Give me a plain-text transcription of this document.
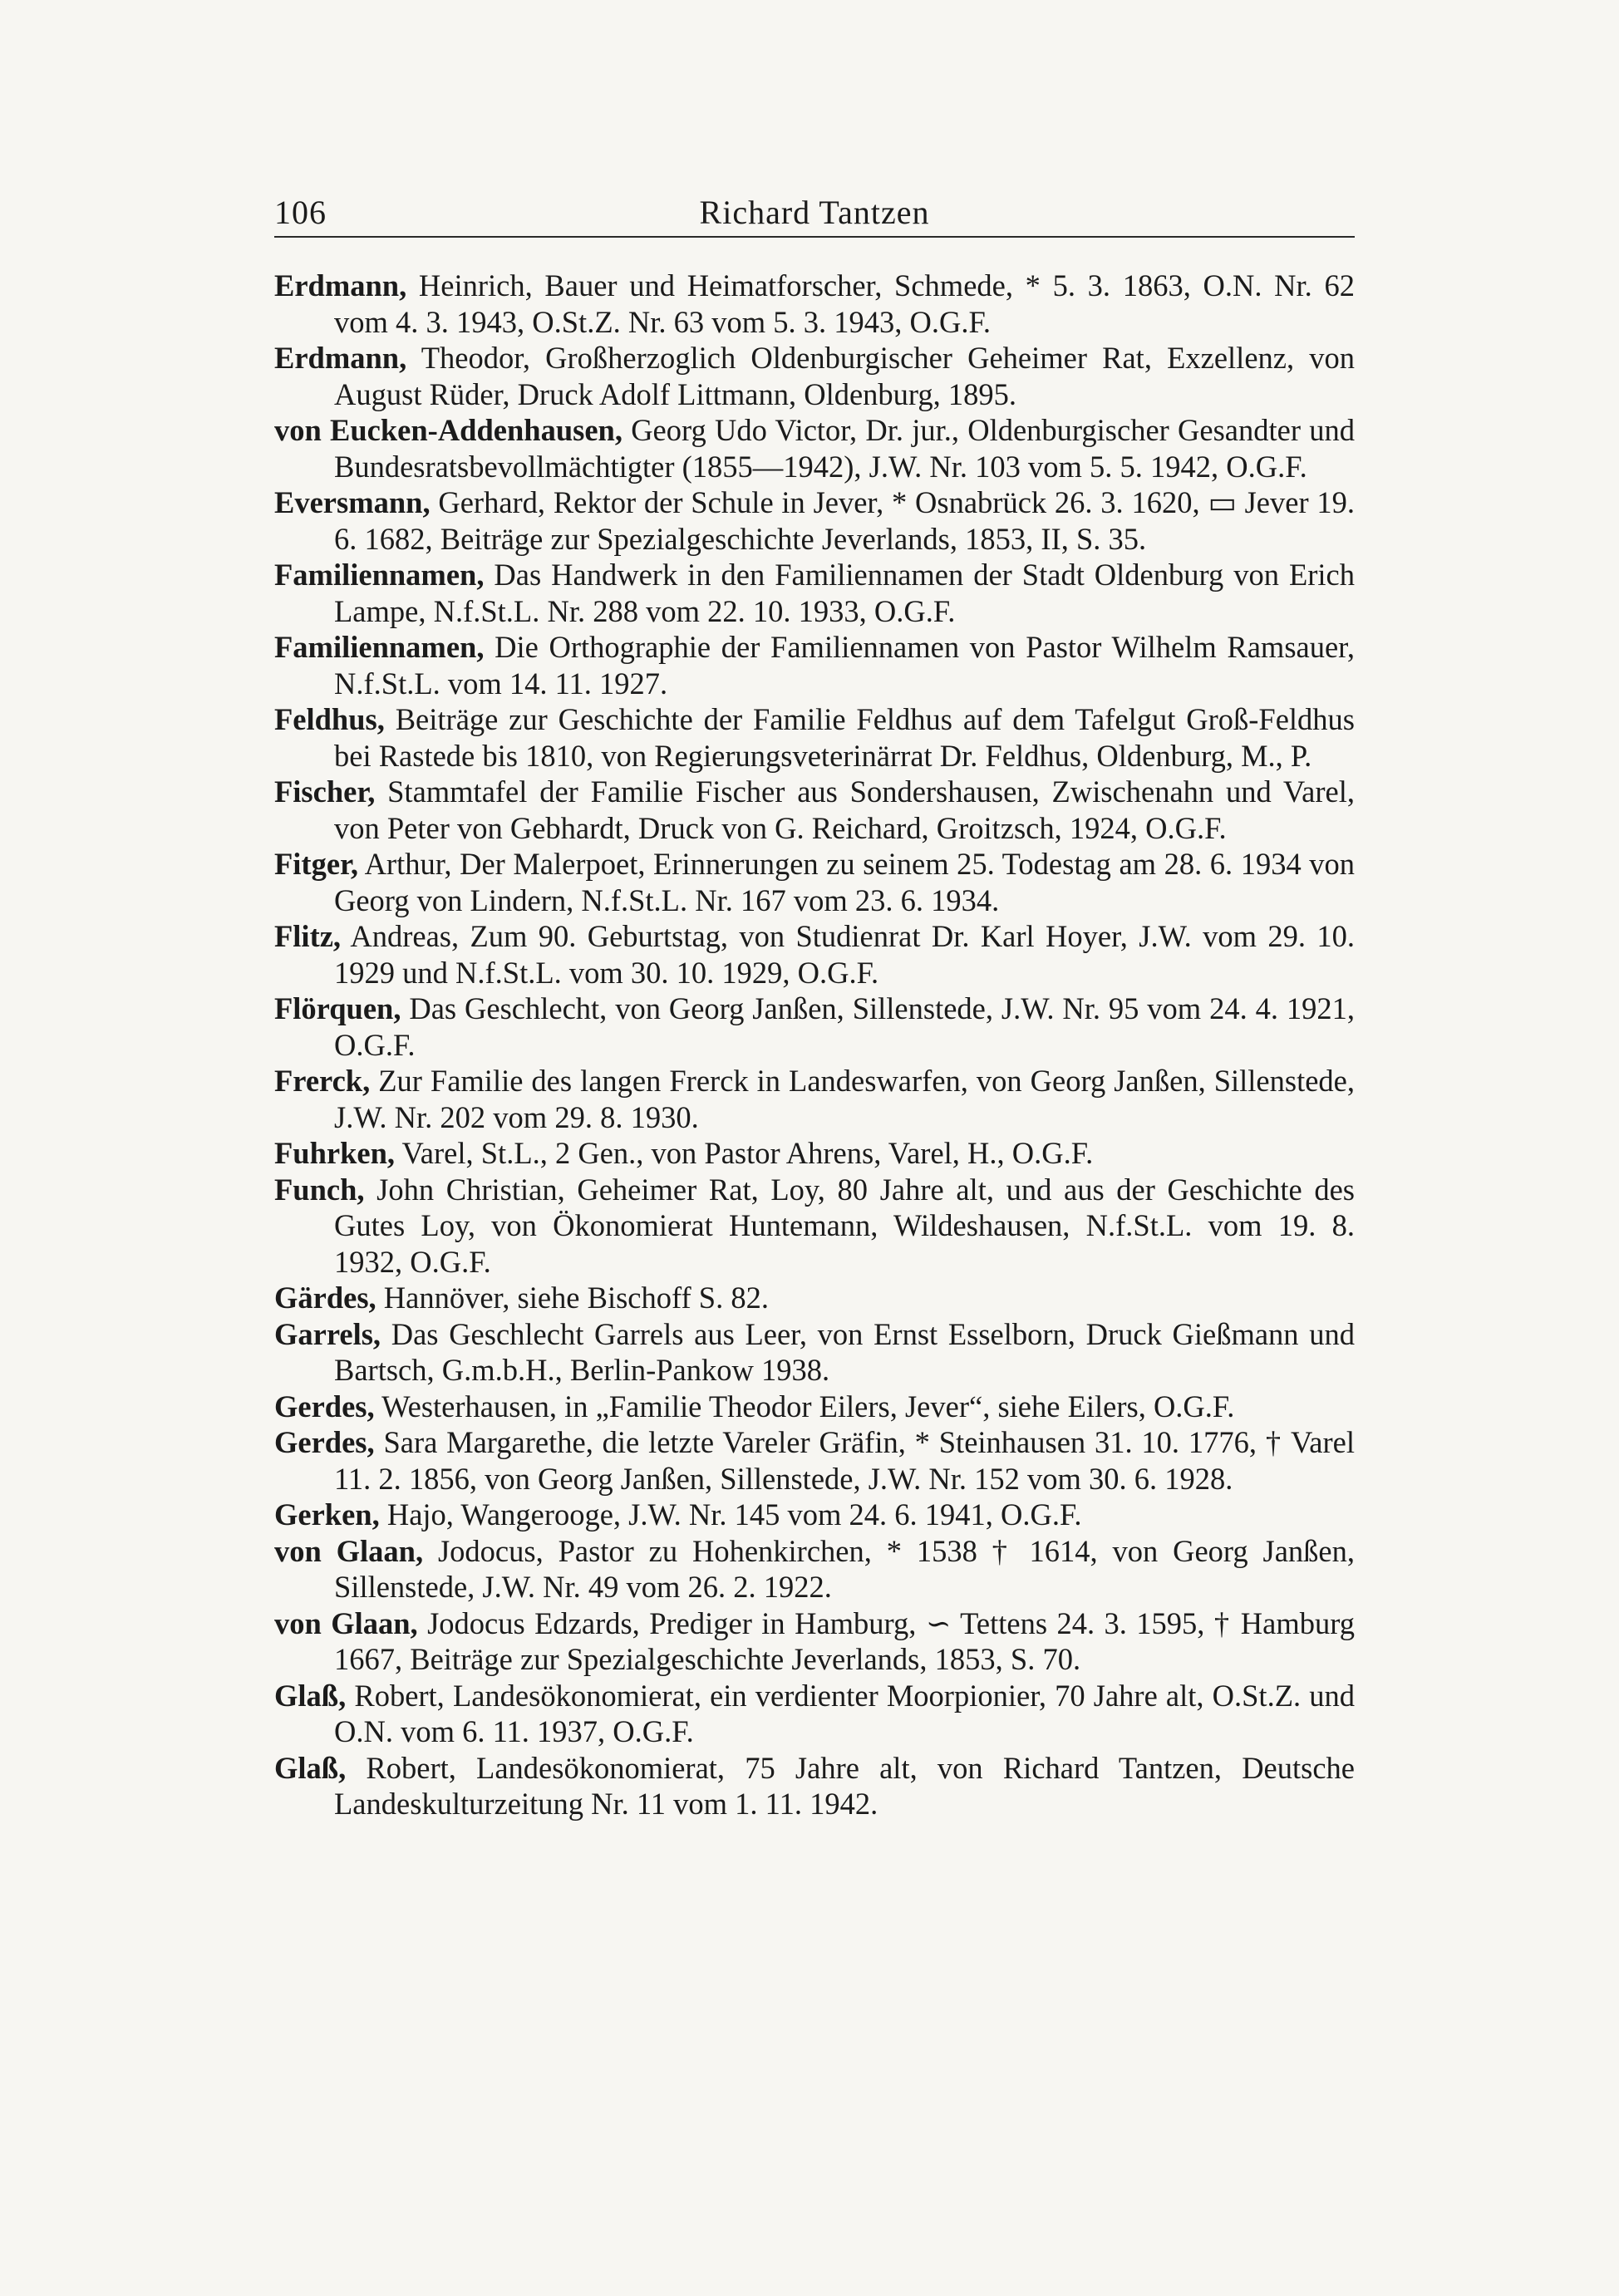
106	Richard Tantzen

Erdmann, Heinrich, Bauer und Heimatforscher, Schmede, * 5. 3. 1863, O.N. Nr. 62 vom 4. 3. 1943, O.St.Z. Nr. 63 vom 5. 3. 1943, O.G.F.

Erdmann, Theodor, Großherzoglich Oldenburgischer Geheimer Rat, Exzellenz, von August Rüder, Druck Adolf Littmann, Oldenburg, 1895.

von Eucken-Addenhausen, Georg Udo Victor, Dr. jur., Oldenburgischer Gesandter und Bundesratsbevollmächtigter (1855—1942), J.W. Nr. 103 vom 5. 5. 1942, O.G.F.

Eversmann, Gerhard, Rektor der Schule in Jever, * Osnabrück 26. 3. 1620, ▭ Jever 19. 6. 1682, Beiträge zur Spezialgeschichte Jeverlands, 1853, II, S. 35.

Familiennamen, Das Handwerk in den Familiennamen der Stadt Oldenburg von Erich Lampe, N.f.St.L. Nr. 288 vom 22. 10. 1933, O.G.F.

Familiennamen, Die Orthographie der Familiennamen von Pastor Wilhelm Ramsauer, N.f.St.L. vom 14. 11. 1927.

Feldhus, Beiträge zur Geschichte der Familie Feldhus auf dem Tafelgut Groß-Feldhus bei Rastede bis 1810, von Regierungsveterinärrat Dr. Feldhus, Oldenburg, M., P.

Fischer, Stammtafel der Familie Fischer aus Sondershausen, Zwischenahn und Varel, von Peter von Gebhardt, Druck von G. Reichard, Groitzsch, 1924, O.G.F.

Fitger, Arthur, Der Malerpoet, Erinnerungen zu seinem 25. Todestag am 28. 6. 1934 von Georg von Lindern, N.f.St.L. Nr. 167 vom 23. 6. 1934.

Flitz, Andreas, Zum 90. Geburtstag, von Studienrat Dr. Karl Hoyer, J.W. vom 29. 10. 1929 und N.f.St.L. vom 30. 10. 1929, O.G.F.

Flörquen, Das Geschlecht, von Georg Janßen, Sillenstede, J.W. Nr. 95 vom 24. 4. 1921, O.G.F.

Frerck, Zur Familie des langen Frerck in Landeswarfen, von Georg Janßen, Sillenstede, J.W. Nr. 202 vom 29. 8. 1930.

Fuhrken, Varel, St.L., 2 Gen., von Pastor Ahrens, Varel, H., O.G.F.

Funch, John Christian, Geheimer Rat, Loy, 80 Jahre alt, und aus der Geschichte des Gutes Loy, von Ökonomierat Huntemann, Wildeshausen, N.f.St.L. vom 19. 8. 1932, O.G.F.

Gärdes, Hannöver, siehe Bischoff S. 82.

Garrels, Das Geschlecht Garrels aus Leer, von Ernst Esselborn, Druck Gießmann und Bartsch, G.m.b.H., Berlin-Pankow 1938.

Gerdes, Westerhausen, in „Familie Theodor Eilers, Jever“, siehe Eilers, O.G.F.

Gerdes, Sara Margarethe, die letzte Vareler Gräfin, * Steinhausen 31. 10. 1776, † Varel 11. 2. 1856, von Georg Janßen, Sillenstede, J.W. Nr. 152 vom 30. 6. 1928.

Gerken, Hajo, Wangerooge, J.W. Nr. 145 vom 24. 6. 1941, O.G.F.

von Glaan, Jodocus, Pastor zu Hohenkirchen, * 1538 † 1614, von Georg Janßen, Sillenstede, J.W. Nr. 49 vom 26. 2. 1922.

von Glaan, Jodocus Edzards, Prediger in Hamburg, ∽ Tettens 24. 3. 1595, † Hamburg 1667, Beiträge zur Spezialgeschichte Jeverlands, 1853, S. 70.

Glaß, Robert, Landesökonomierat, ein verdienter Moorpionier, 70 Jahre alt, O.St.Z. und O.N. vom 6. 11. 1937, O.G.F.

Glaß, Robert, Landesökonomierat, 75 Jahre alt, von Richard Tantzen, Deutsche Landeskulturzeitung Nr. 11 vom 1. 11. 1942.
